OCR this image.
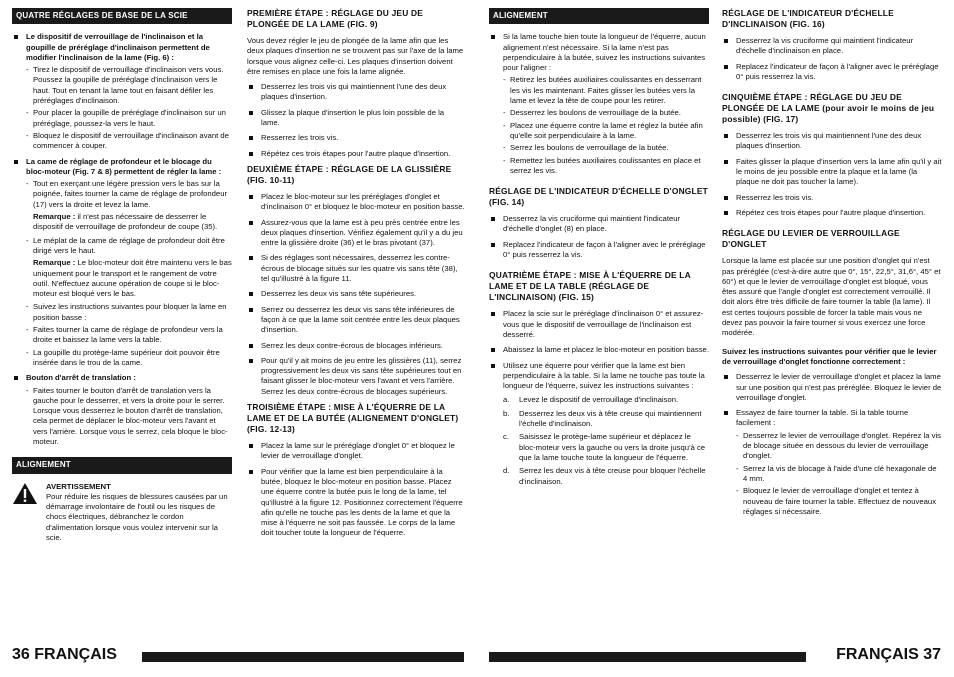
QUATRE RÉGLAGES DE BASE DE LA SCIE
Le dispositif de verrouillage de l'inclinaison et la goupille de préréglage d'inclinaison permettent de modifier l'inclinaison de la lame (Fig. 6) :
- Tirez le dispositif de verrouillage d'inclinaison vers vous. Poussez la goupille de préréglage d'inclinaison vers le haut. Tout en tenant la lame tout en faisant défiler les préréglages d'inclinaison.
- Pour placer la goupille de préréglage d'inclinaison sur un préréglage, poussez-la vers le haut.
- Bloquez le dispositif de verrouillage d'inclinaison avant de commencer à couper.
La came de réglage de profondeur et le blocage du bloc-moteur (Fig. 7 & 8) permettent de régler la lame :
- Tout en exerçant une légère pression vers le bas sur la poignée, faites tourner la came de réglage de profondeur (17) vers la droite et levez la lame.
Remarque : il n'est pas nécessaire de desserrer le dispositif de verrouillage de profondeur de coupe (35).
- Le méplat de la came de réglage de profondeur doit être dirigé vers le haut.
Remarque : Le bloc-moteur doit être maintenu vers le bas uniquement pour le transport et le rangement de votre outil. N'effectuez aucune opération de coupe si le bloc-moteur est bloqué vers le bas.
- Suivez les instructions suivantes pour bloquer la lame en position basse :
- Faites tourner la came de réglage de profondeur vers la droite et baissez la lame vers la table.
- La goupille du protège-lame supérieur doit pouvoir être insérée dans le trou de la came.
Bouton d'arrêt de translation :
- Faites tourner le bouton d'arrêt de translation vers la gauche pour le desserrer, et vers la droite pour le serrer. Lorsque vous desserrez le bouton d'arrêt de translation, cela permet de déplacer le bloc-moteur vers l'avant et vers l'arrière. Lorsque vous le serrez, cela bloque le bloc-moteur.
ALIGNEMENT
AVERTISSEMENT
Pour réduire les risques de blessures causées par un démarrage involontaire de l'outil ou les risques de chocs électriques, débranchez le cordon d'alimentation lorsque vous voulez intervenir sur la scie.
PREMIÈRE ÉTAPE : RÉGLAGE DU JEU DE PLONGÉE DE LA LAME (FIG. 9)

Vous devez régler le jeu de plongée de la lame afin que les deux plaques d'insertion ne se trouvent pas sur l'axe de la lame lorsque vous alignez celle-ci. Les plaques d'insertion doivent être remises en place une fois la lame alignée.

Desserrez les trois vis qui maintiennent l'une des deux plaques d'insertion.
Glissez la plaque d'insertion le plus loin possible de la lame.
Resserrez les trois vis.
Répétez ces trois étapes pour l'autre plaque d'insertion.
DEUXIÈME ÉTAPE : RÉGLAGE DE LA GLISSIÈRE (FIG. 10-11)
Placez le bloc-moteur sur les préréglages d'onglet et d'inclinaison 0° et bloquez le bloc-moteur en position basse.
Assurez-vous que la lame est à peu près centrée entre les deux plaques d'insertion. Vérifiez également qu'il y a du jeu entre la glissière droite (36) et le bras pivotant (37).
Si des réglages sont nécessaires, desserrez les contre-écrous de blocage situés sur les quatre vis sans tête (38), tel qu'illustré à la figure 11.
Desserrez les deux vis sans tête supérieures.
Serrez ou desserrez les deux vis sans tête inférieures de façon à ce que la lame soit centrée entre les deux plaques d'insertion.
Serrez les deux contre-écrous de blocages inférieurs.
Pour qu'il y ait moins de jeu entre les glissières (11), serrez progressivement les deux vis sans tête supérieures tout en faisant glisser le bloc-moteur vers l'avant et vers l'arrière. Serrez les deux contre-écrous de blocages supérieurs.
TROISIÈME ÉTAPE : MISE À L'ÉQUERRE DE LA LAME ET DE LA BUTÉE (ALIGNEMENT D'ONGLET) (FIG. 12-13)
Placez la lame sur le préréglage d'onglet 0° et bloquez le levier de verrouillage d'onglet.
Pour vérifier que la lame est bien perpendiculaire à la butée, bloquez le bloc-moteur en position basse. Placez une équerre contre la butée puis le long de la lame, tel qu'illustré à la figure 12. Positionnez correctement l'équerre afin qu'elle ne touche pas les dents de la lame et que la mise à l'équerre ne soit pas faussée. Le corps de la lame doit toucher toute la longueur de l'équerre.
ALIGNEMENT
Si la lame touche bien toute la longueur de l'équerre, aucun alignement n'est nécessaire. Si la lame n'est pas perpendiculaire à la butée, suivez les instructions suivantes pour l'aligner :
- Retirez les butées auxiliaires coulissantes en desserrant les vis les maintenant. Faites glisser les butées vers la lame et levez la tête de coupe pour les retirer.
- Desserrez les boulons de verrouillage de la butée.
- Placez une équerre contre la lame et réglez la butée afin qu'elle soit perpendiculaire à la lame.
- Serrez les boulons de verrouillage de la butée.
- Remettez les butées auxiliaires coulissantes en place et serrez les vis.
RÉGLAGE DE L'INDICATEUR D'ÉCHELLE D'ONGLET (FIG. 14)
Desserrez la vis cruciforme qui maintient l'indicateur d'échelle d'onglet (8) en place.
Replacez l'indicateur de façon à l'aligner avec le préréglage 0° puis resserrez la vis.
QUATRIÈME ÉTAPE : MISE À L'ÉQUERRE DE LA LAME ET DE LA TABLE (RÉGLAGE DE L'INCLINAISON) (FIG. 15)
Placez la scie sur le préréglage d'inclinaison 0° et assurez-vous que le dispositif de verrouillage de l'inclinaison est desserré.
Abaissez la lame et placez le bloc-moteur en position basse.
Utilisez une équerre pour vérifier que la lame est bien perpendiculaire à la table. Si la lame ne touche pas toute la longueur de l'équerre, suivez les instructions suivantes :
a. Levez le dispositif de verrouillage d'inclinaison.
b. Desserrez les deux vis à tête creuse qui maintiennent l'échelle d'inclinaison.
c. Saisissez le protège-lame supérieur et déplacez le bloc-moteur vers la gauche ou vers la droite jusqu'à ce que la lame touche toute la longueur de l'équerre.
d. Serrez les deux vis à tête creuse pour bloquer l'échelle d'inclinaison.
RÉGLAGE DE L'INDICATEUR D'ÉCHELLE D'INCLINAISON (FIG. 16)
Desserrez la vis cruciforme qui maintient l'indicateur d'échelle d'inclinaison en place.
Replacez l'indicateur de façon à l'aligner avec le préréglage 0° puis resserrez la vis.
CINQUIÈME ÉTAPE : RÉGLAGE DU JEU DE PLONGÉE DE LA LAME (pour avoir le moins de jeu possible) (FIG. 17)
Desserrez les trois vis qui maintiennent l'une des deux plaques d'insertion.
Faites glisser la plaque d'insertion vers la lame afin qu'il y ait le moins de jeu possible entre la plaque et la lame (la plaque ne doit pas toucher la lame).
Resserrez les trois vis.
Répétez ces trois étapes pour l'autre plaque d'insertion.
RÉGLAGE DU LEVIER DE VERROUILLAGE D'ONGLET

Lorsque la lame est placée sur une position d'onglet qui n'est pas préréglée (c'est-à-dire autre que 0°, 15°, 22,5°, 31,6°, 45° et 60°) et que le levier de verrouillage d'onglet est bloqué, vous êtes assuré que l'angle d'onglet est correctement verrouillé. Il doit alors être très difficile de faire tourner la table (la lame). Il est certes toujours possible de forcer la table mais vous ne devez pas pouvoir la faire tourner si vous exercez une force modérée.

Suivez les instructions suivantes pour vérifier que le levier de verrouillage d'onglet fonctionne correctement :

Desserrez le levier de verrouillage d'onglet et placez la lame sur une position qui n'est pas préréglée. Bloquez le levier de verrouillage d'onglet.
Essayez de faire tourner la table. Si la table tourne facilement :
- Desserrez le levier de verrouillage d'onglet. Repérez la vis de blocage située en dessous du levier de verrouillage d'onglet.
- Serrez la vis de blocage à l'aide d'une clé hexagonale de 4 mm.
- Bloquez le levier de verrouillage d'onglet et tentez à nouveau de faire tourner la table. Effectuez de nouveaux réglages si nécessaire.
36 FRANÇAIS	FRANÇAIS 37
